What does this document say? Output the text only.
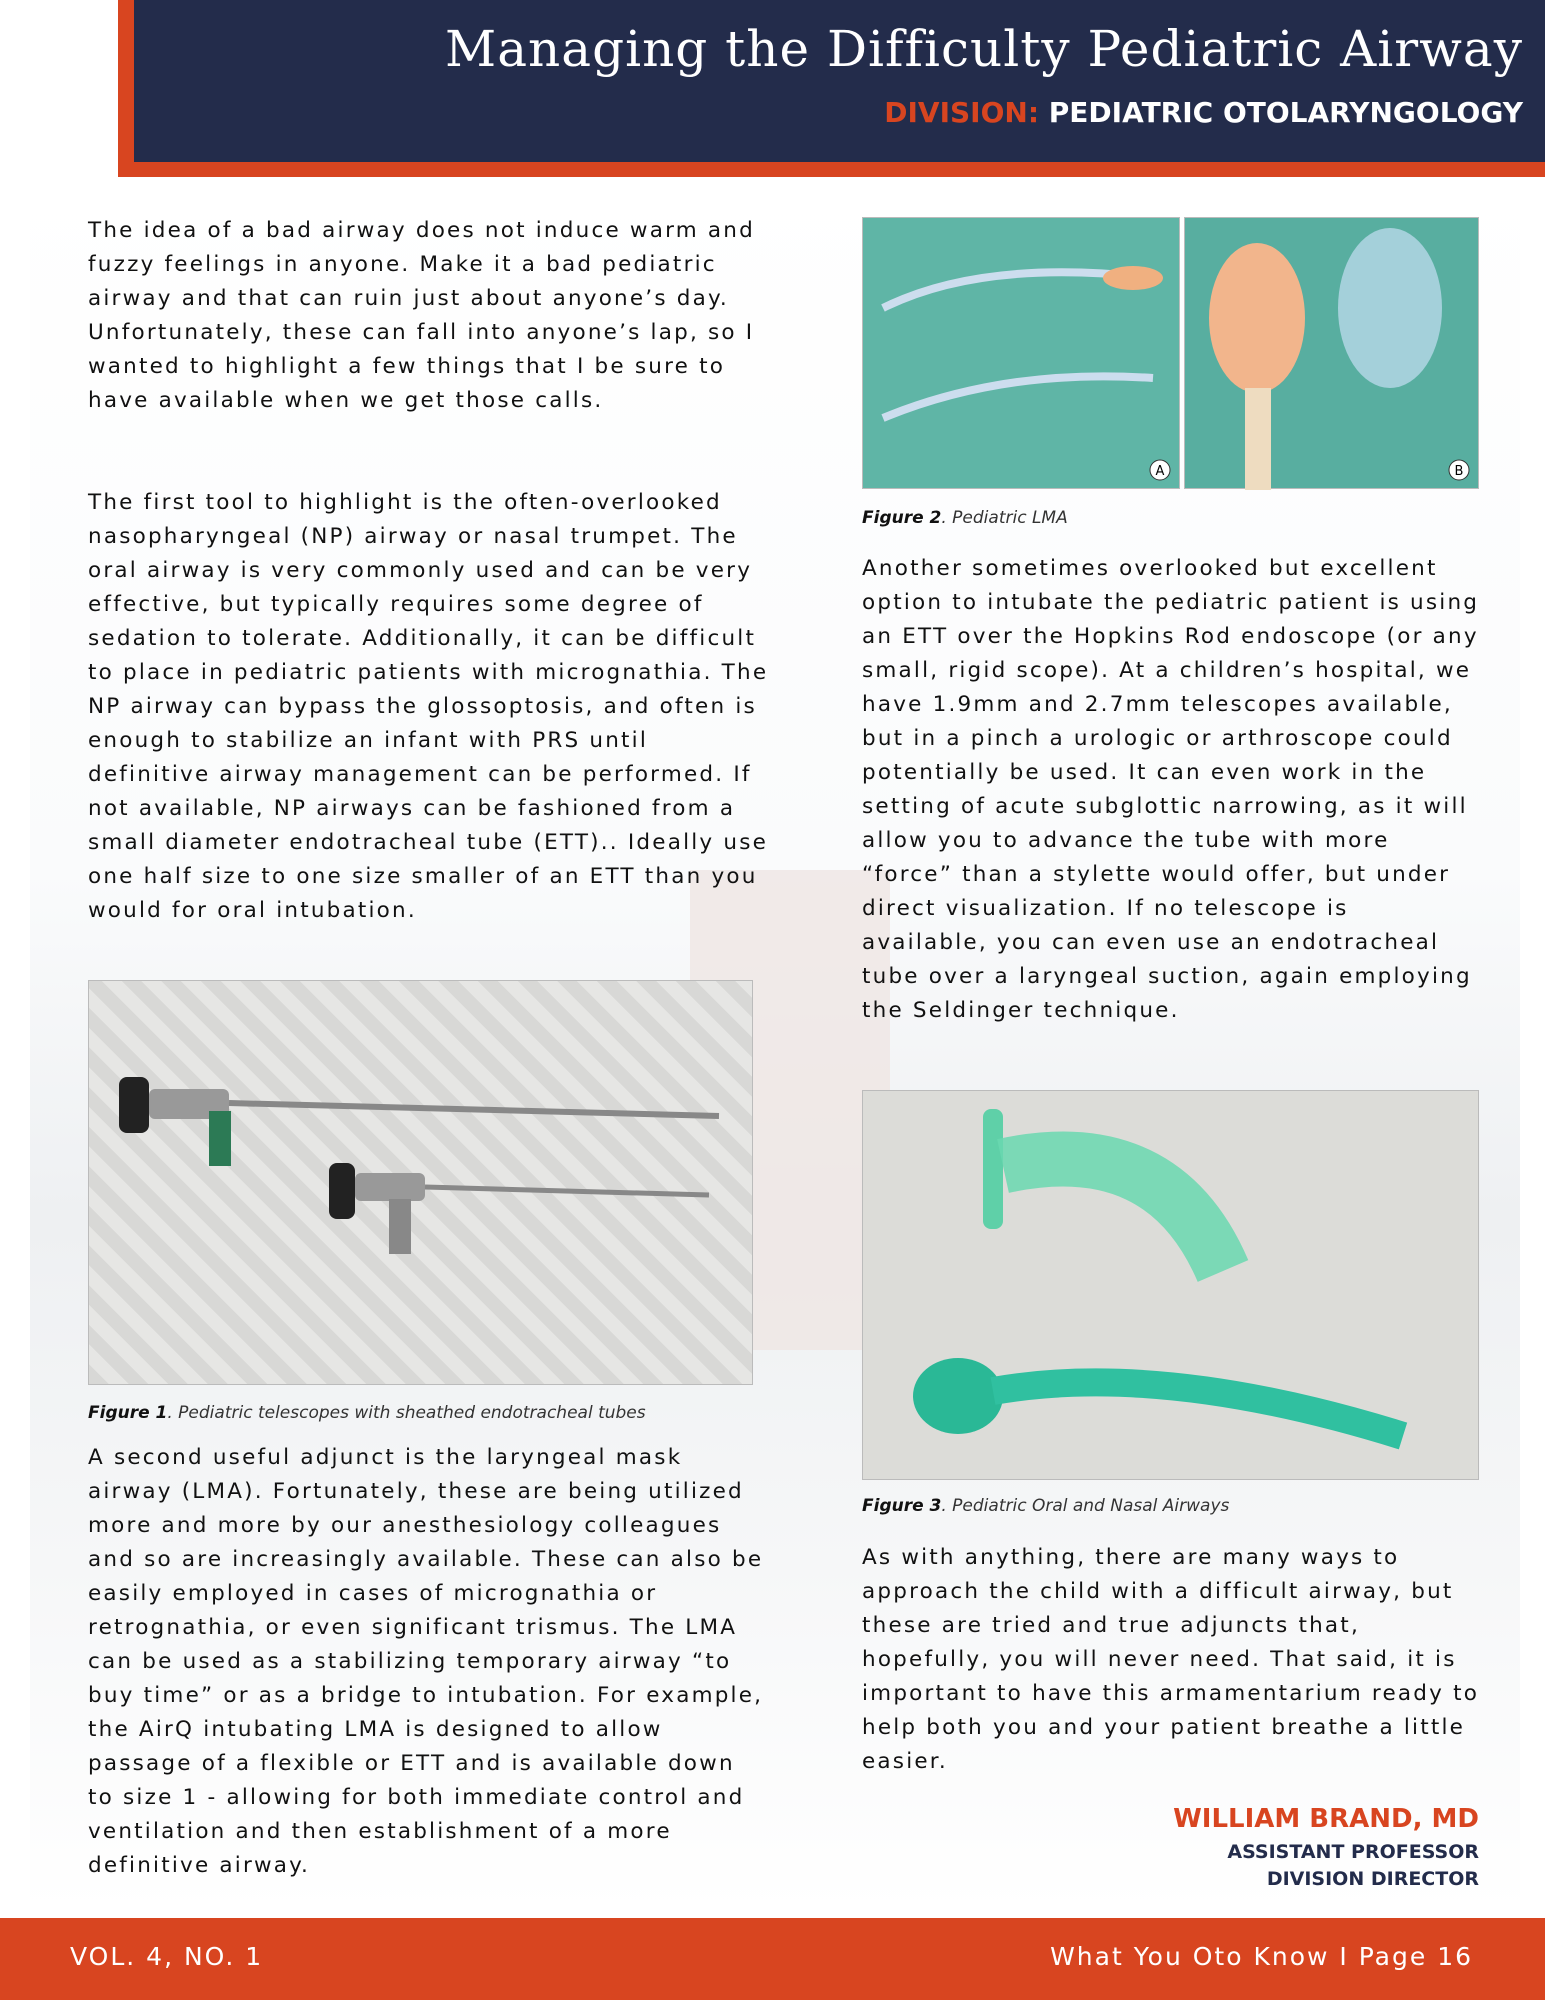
Managing the Difficulty Pediatric Airway
DIVISION: PEDIATRIC OTOLARYNGOLOGY
The idea of a bad airway does not induce warm and fuzzy feelings in anyone. Make it a bad pediatric airway and that can ruin just about anyone’s day. Unfortunately, these can fall into anyone’s lap, so I wanted to highlight a few things that I be sure to have available when we get those calls.
The first tool to highlight is the often-overlooked nasopharyngeal (NP) airway or nasal trumpet. The oral airway is very commonly used and can be very effective, but typically requires some degree of sedation to tolerate. Additionally, it can be difficult to place in pediatric patients with micrognathia. The NP airway can bypass the glossoptosis, and often is enough to stabilize an infant with PRS until definitive airway management can be performed. If not available, NP airways can be fashioned from a small diameter endotracheal tube (ETT).. Ideally use one half size to one size smaller of an ETT than you would for oral intubation.
Figure 1. Pediatric telescopes with sheathed endotracheal tubes
A second useful adjunct is the laryngeal mask airway (LMA). Fortunately, these are being utilized more and more by our anesthesiology colleagues and so are increasingly available. These can also be easily employed in cases of micrognathia or retrognathia, or even significant trismus. The LMA can be used as a stabilizing temporary airway “to buy time” or as a bridge to intubation. For example, the AirQ intubating LMA is designed to allow passage of a flexible or ETT and is available down to size 1 - allowing for both immediate control and ventilation and then establishment of a more definitive airway.
A	B
Figure 2. Pediatric LMA
Another sometimes overlooked but excellent option to intubate the pediatric patient is using an ETT over the Hopkins Rod endoscope (or any small, rigid scope). At a children’s hospital, we have 1.9mm and 2.7mm telescopes available, but in a pinch a urologic or arthroscope could potentially be used. It can even work in the setting of acute subglottic narrowing, as it will allow you to advance the tube with more “force” than a stylette would offer, but under direct visualization. If no telescope is available, you can even use an endotracheal tube over a laryngeal suction, again employing the Seldinger technique.
Figure 3. Pediatric Oral and Nasal Airways
As with anything, there are many ways to approach the child with a difficult airway, but these are tried and true adjuncts that, hopefully, you will never need. That said, it is important to have this armamentarium ready to help both you and your patient breathe a little easier.
WILLIAM BRAND, MD
ASSISTANT PROFESSOR
DIVISION DIRECTOR
VOL. 4, NO. 1	What You Oto Know I Page 16
